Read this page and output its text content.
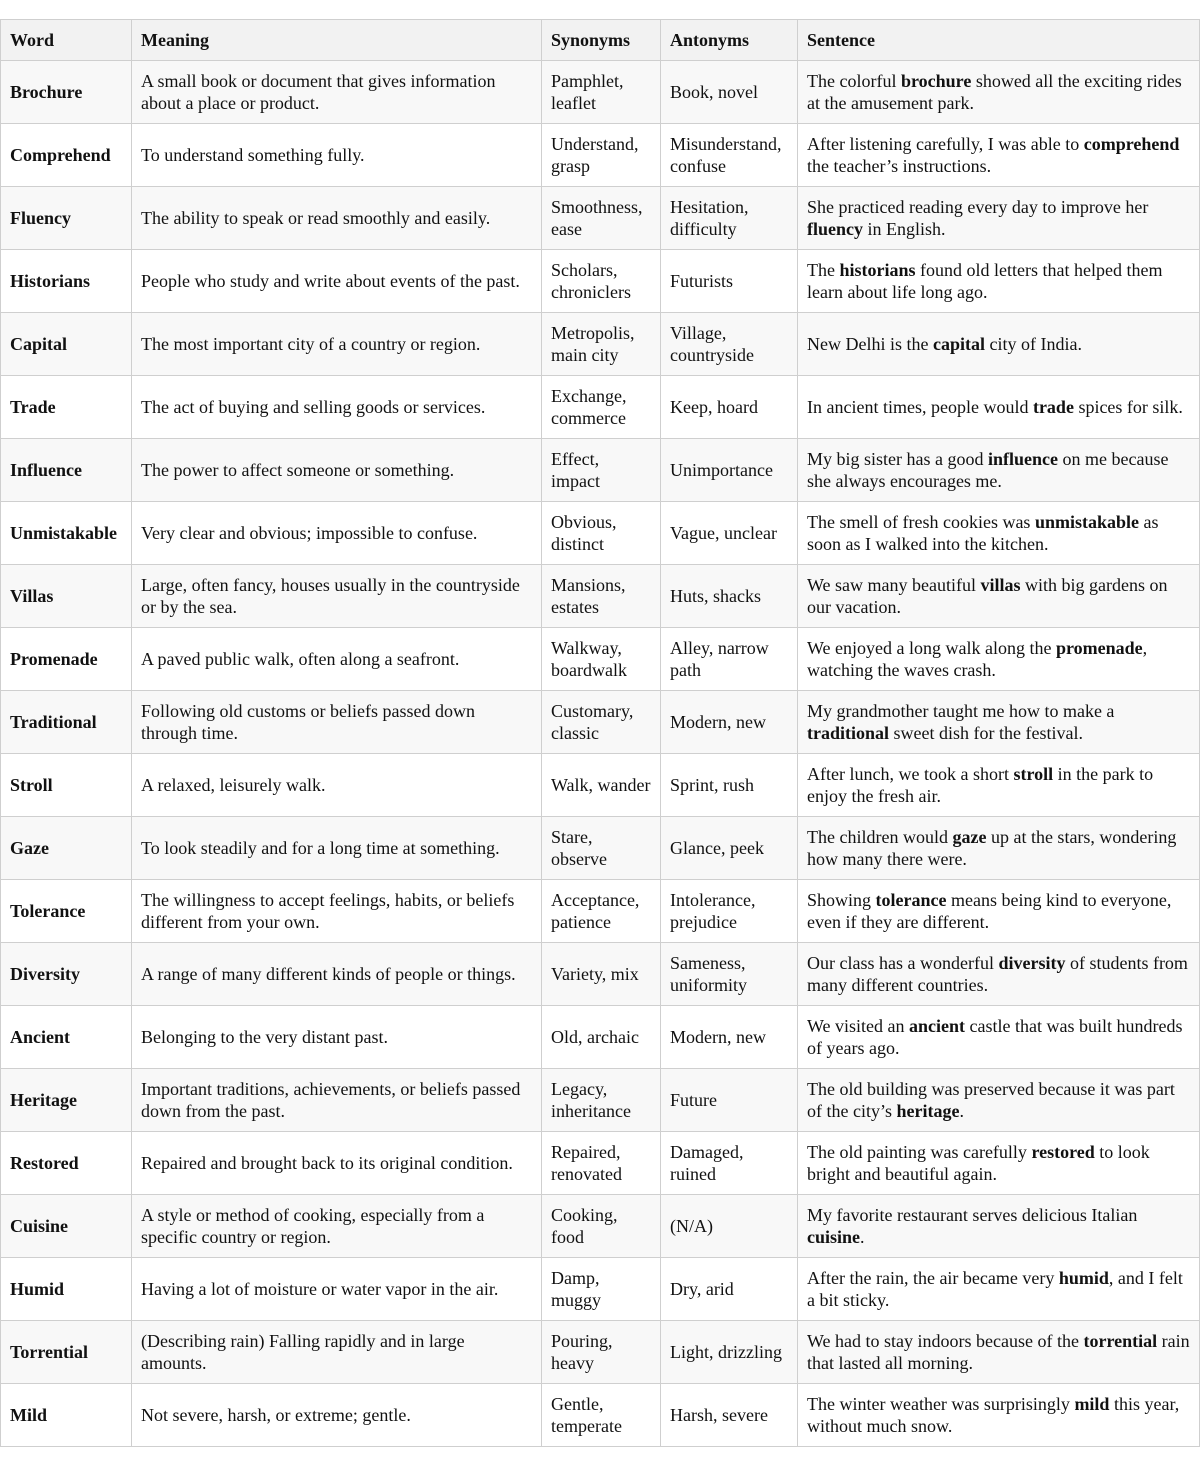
Word	Meaning	Synonyms	Antonyms	Sentence
Brochure	A small book or document that gives information about a place or product.	Pamphlet, leaflet	Book, novel	The colorful brochure showed all the exciting rides at the amusement park.
Comprehend	To understand something fully.	Understand, grasp	Misunderstand, confuse	After listening carefully, I was able to comprehend the teacher’s instructions.
Fluency	The ability to speak or read smoothly and easily.	Smoothness, ease	Hesitation, difficulty	She practiced reading every day to improve her fluency in English.
Historians	People who study and write about events of the past.	Scholars, chroniclers	Futurists	The historians found old letters that helped them learn about life long ago.
Capital	The most important city of a country or region.	Metropolis, main city	Village, countryside	New Delhi is the capital city of India.
Trade	The act of buying and selling goods or services.	Exchange, commerce	Keep, hoard	In ancient times, people would trade spices for silk.
Influence	The power to affect someone or something.	Effect, impact	Unimportance	My big sister has a good influence on me because she always encourages me.
Unmistakable	Very clear and obvious; impossible to confuse.	Obvious, distinct	Vague, unclear	The smell of fresh cookies was unmistakable as soon as I walked into the kitchen.
Villas	Large, often fancy, houses usually in the countryside or by the sea.	Mansions, estates	Huts, shacks	We saw many beautiful villas with big gardens on our vacation.
Promenade	A paved public walk, often along a seafront.	Walkway, boardwalk	Alley, narrow path	We enjoyed a long walk along the promenade, watching the waves crash.
Traditional	Following old customs or beliefs passed down through time.	Customary, classic	Modern, new	My grandmother taught me how to make a traditional sweet dish for the festival.
Stroll	A relaxed, leisurely walk.	Walk, wander	Sprint, rush	After lunch, we took a short stroll in the park to enjoy the fresh air.
Gaze	To look steadily and for a long time at something.	Stare, observe	Glance, peek	The children would gaze up at the stars, wondering how many there were.
Tolerance	The willingness to accept feelings, habits, or beliefs different from your own.	Acceptance, patience	Intolerance, prejudice	Showing tolerance means being kind to everyone, even if they are different.
Diversity	A range of many different kinds of people or things.	Variety, mix	Sameness, uniformity	Our class has a wonderful diversity of students from many different countries.
Ancient	Belonging to the very distant past.	Old, archaic	Modern, new	We visited an ancient castle that was built hundreds of years ago.
Heritage	Important traditions, achievements, or beliefs passed down from the past.	Legacy, inheritance	Future	The old building was preserved because it was part of the city’s heritage.
Restored	Repaired and brought back to its original condition.	Repaired, renovated	Damaged, ruined	The old painting was carefully restored to look bright and beautiful again.
Cuisine	A style or method of cooking, especially from a specific country or region.	Cooking, food	(N/A)	My favorite restaurant serves delicious Italian cuisine.
Humid	Having a lot of moisture or water vapor in the air.	Damp, muggy	Dry, arid	After the rain, the air became very humid, and I felt a bit sticky.
Torrential	(Describing rain) Falling rapidly and in large amounts.	Pouring, heavy	Light, drizzling	We had to stay indoors because of the torrential rain that lasted all morning.
Mild	Not severe, harsh, or extreme; gentle.	Gentle, temperate	Harsh, severe	The winter weather was surprisingly mild this year, without much snow.
